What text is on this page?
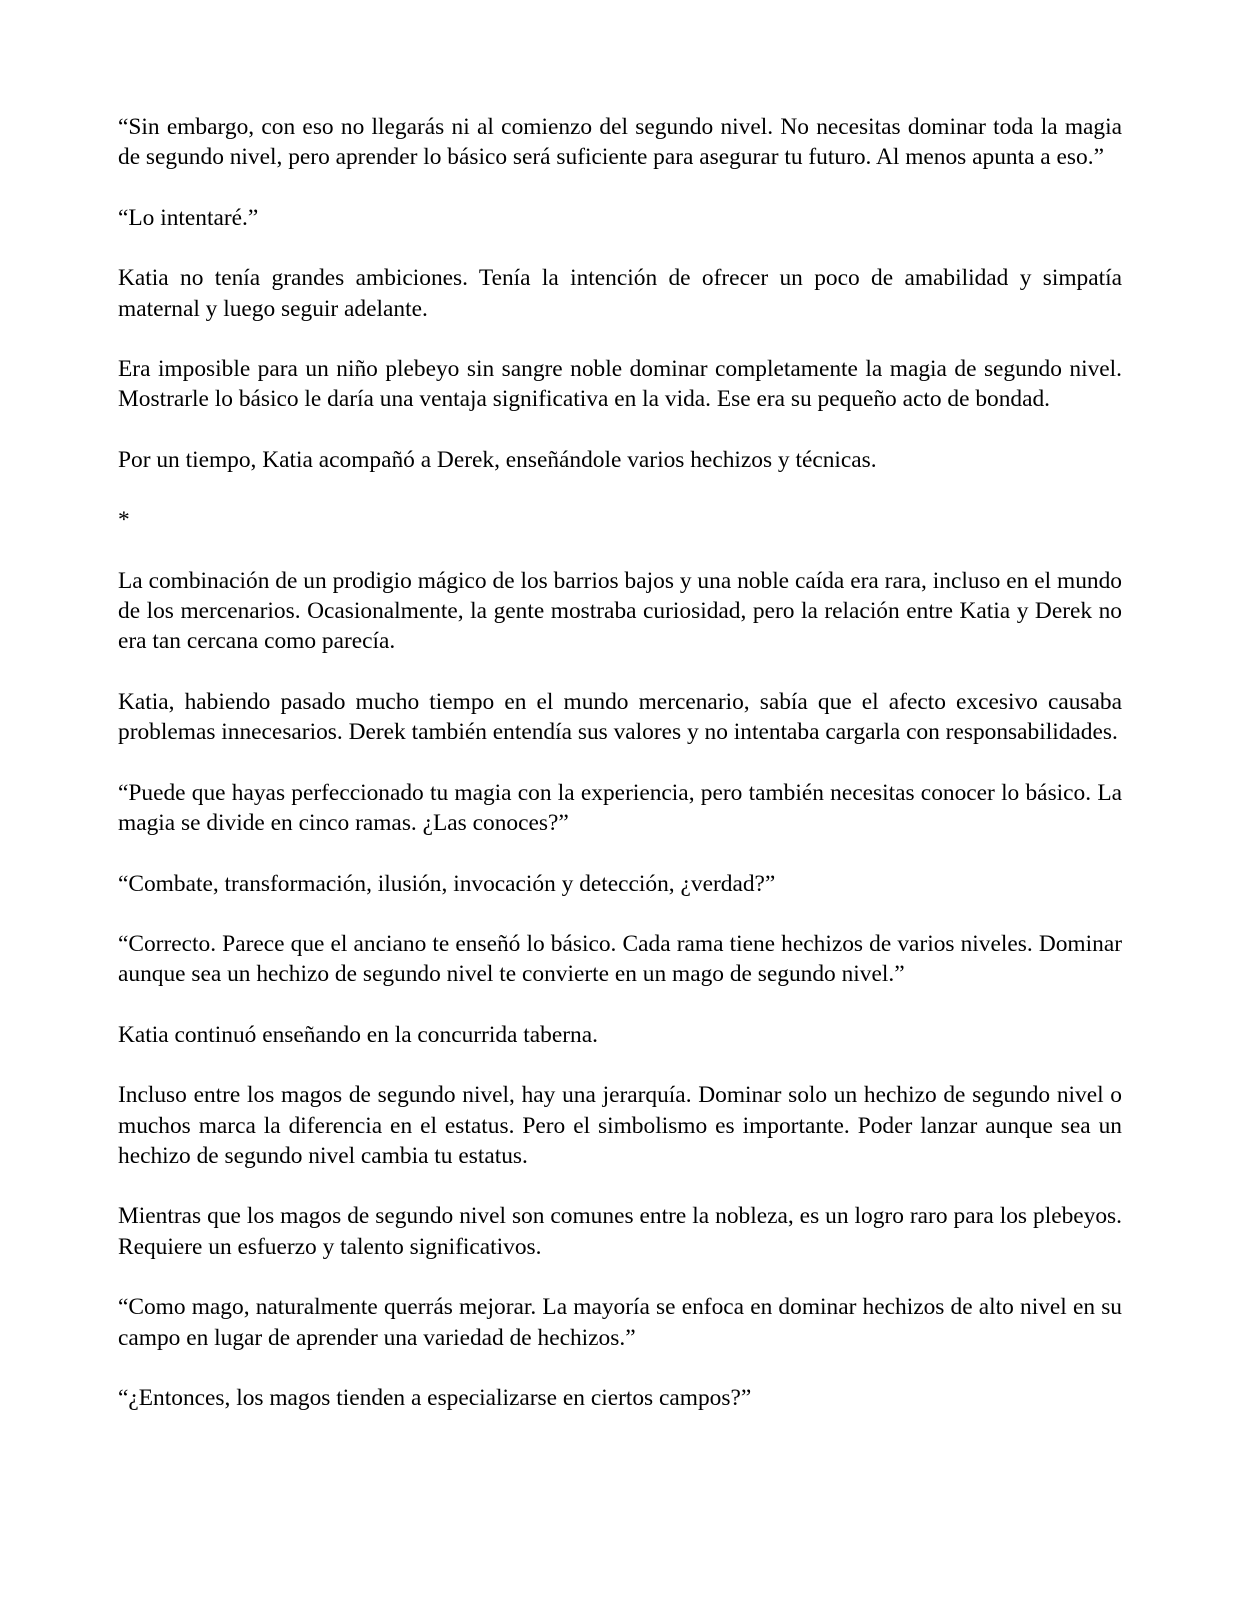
“Sin embargo, con eso no llegarás ni al comienzo del segundo nivel. No necesitas dominar toda la magia de segundo nivel, pero aprender lo básico será suficiente para asegurar tu futuro. Al menos apunta a eso.”

“Lo intentaré.”

Katia no tenía grandes ambiciones. Tenía la intención de ofrecer un poco de amabilidad y simpatía maternal y luego seguir adelante.

Era imposible para un niño plebeyo sin sangre noble dominar completamente la magia de segundo nivel. Mostrarle lo básico le daría una ventaja significativa en la vida. Ese era su pequeño acto de bondad.

Por un tiempo, Katia acompañó a Derek, enseñándole varios hechizos y técnicas.

*

La combinación de un prodigio mágico de los barrios bajos y una noble caída era rara, incluso en el mundo de los mercenarios. Ocasionalmente, la gente mostraba curiosidad, pero la relación entre Katia y Derek no era tan cercana como parecía.

Katia, habiendo pasado mucho tiempo en el mundo mercenario, sabía que el afecto excesivo causaba problemas innecesarios. Derek también entendía sus valores y no intentaba cargarla con responsabilidades.

“Puede que hayas perfeccionado tu magia con la experiencia, pero también necesitas conocer lo básico. La magia se divide en cinco ramas. ¿Las conoces?”

“Combate, transformación, ilusión, invocación y detección, ¿verdad?”

“Correcto. Parece que el anciano te enseñó lo básico. Cada rama tiene hechizos de varios niveles. Dominar aunque sea un hechizo de segundo nivel te convierte en un mago de segundo nivel.”

Katia continuó enseñando en la concurrida taberna.

Incluso entre los magos de segundo nivel, hay una jerarquía. Dominar solo un hechizo de segundo nivel o muchos marca la diferencia en el estatus. Pero el simbolismo es importante. Poder lanzar aunque sea un hechizo de segundo nivel cambia tu estatus.

Mientras que los magos de segundo nivel son comunes entre la nobleza, es un logro raro para los plebeyos. Requiere un esfuerzo y talento significativos.

“Como mago, naturalmente querrás mejorar. La mayoría se enfoca en dominar hechizos de alto nivel en su campo en lugar de aprender una variedad de hechizos.”

“¿Entonces, los magos tienden a especializarse en ciertos campos?”
